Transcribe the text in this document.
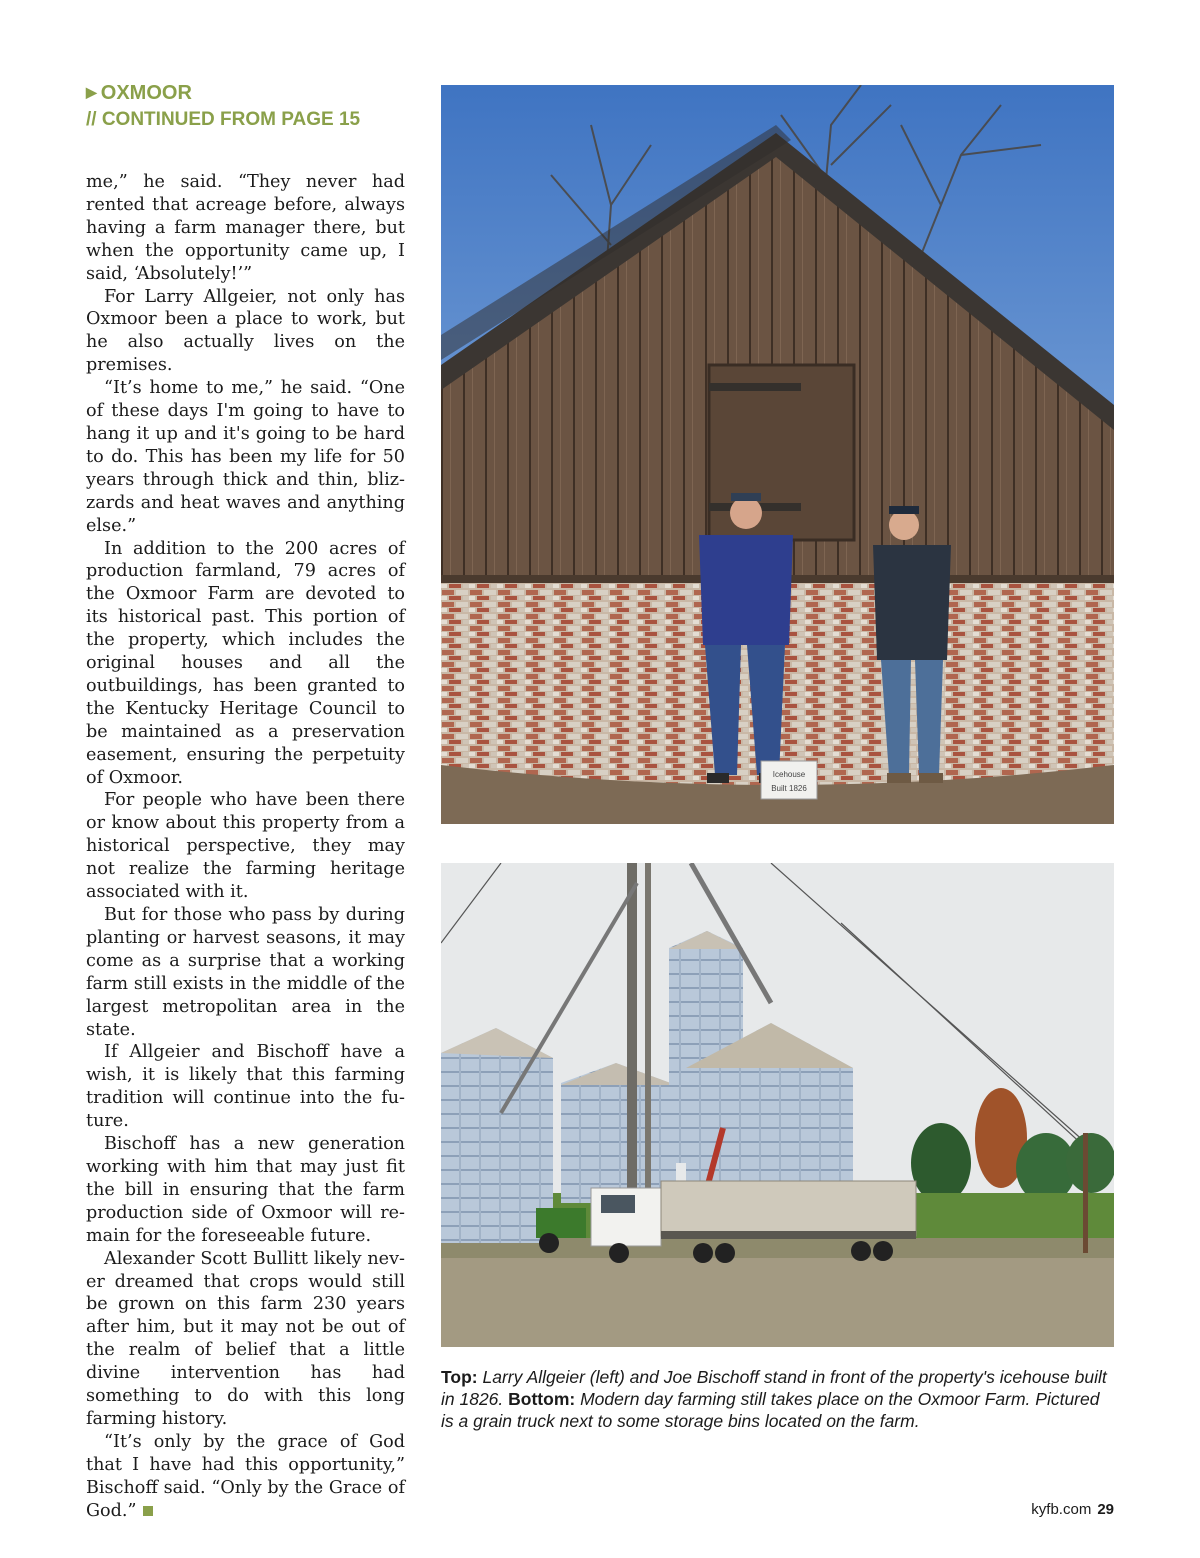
▶ OXMOOR
// CONTINUED FROM PAGE 15

me,” he said. “They never had rented that acreage before, always having a farm manager there, but when the opportunity came up, I said, ‘Absolutely!’”

For Larry Allgeier, not only has Oxmoor been a place to work, but he also actually lives on the premises.

“It’s home to me,” he said. “One of these days I'm going to have to hang it up and it's going to be hard to do. This has been my life for 50 years through thick and thin, blizzards and heat waves and anything else.”

In addition to the 200 acres of production farmland, 79 acres of the Oxmoor Farm are devoted to its historical past. This portion of the property, which includes the original houses and all the outbuildings, has been granted to the Kentucky Heritage Council to be maintained as a preservation easement, ensuring the perpetuity of Oxmoor.

For people who have been there or know about this property from a historical perspective, they may not realize the farming heritage associated with it.

But for those who pass by during planting or harvest seasons, it may come as a surprise that a working farm still exists in the middle of the largest metropolitan area in the state.

If Allgeier and Bischoff have a wish, it is likely that this farming tradition will continue into the future.

Bischoff has a new generation working with him that may just fit the bill in ensuring that the farm production side of Oxmoor will remain for the foreseeable future.

Alexander Scott Bullitt likely never dreamed that crops would still be grown on this farm 230 years after him, but it may not be out of the realm of belief that a little divine intervention has had something to do with this long farming history.

“It’s only by the grace of God that I have had this opportunity,” Bischoff said. “Only by the Grace of God.”

Icehouse
Built 1826
Top: Larry Allgeier (left) and Joe Bischoff stand in front of the property's icehouse built in 1826. Bottom: Modern day farming still takes place on the Oxmoor Farm. Pictured is a grain truck next to some storage bins located on the farm.
kyfb.com 29
